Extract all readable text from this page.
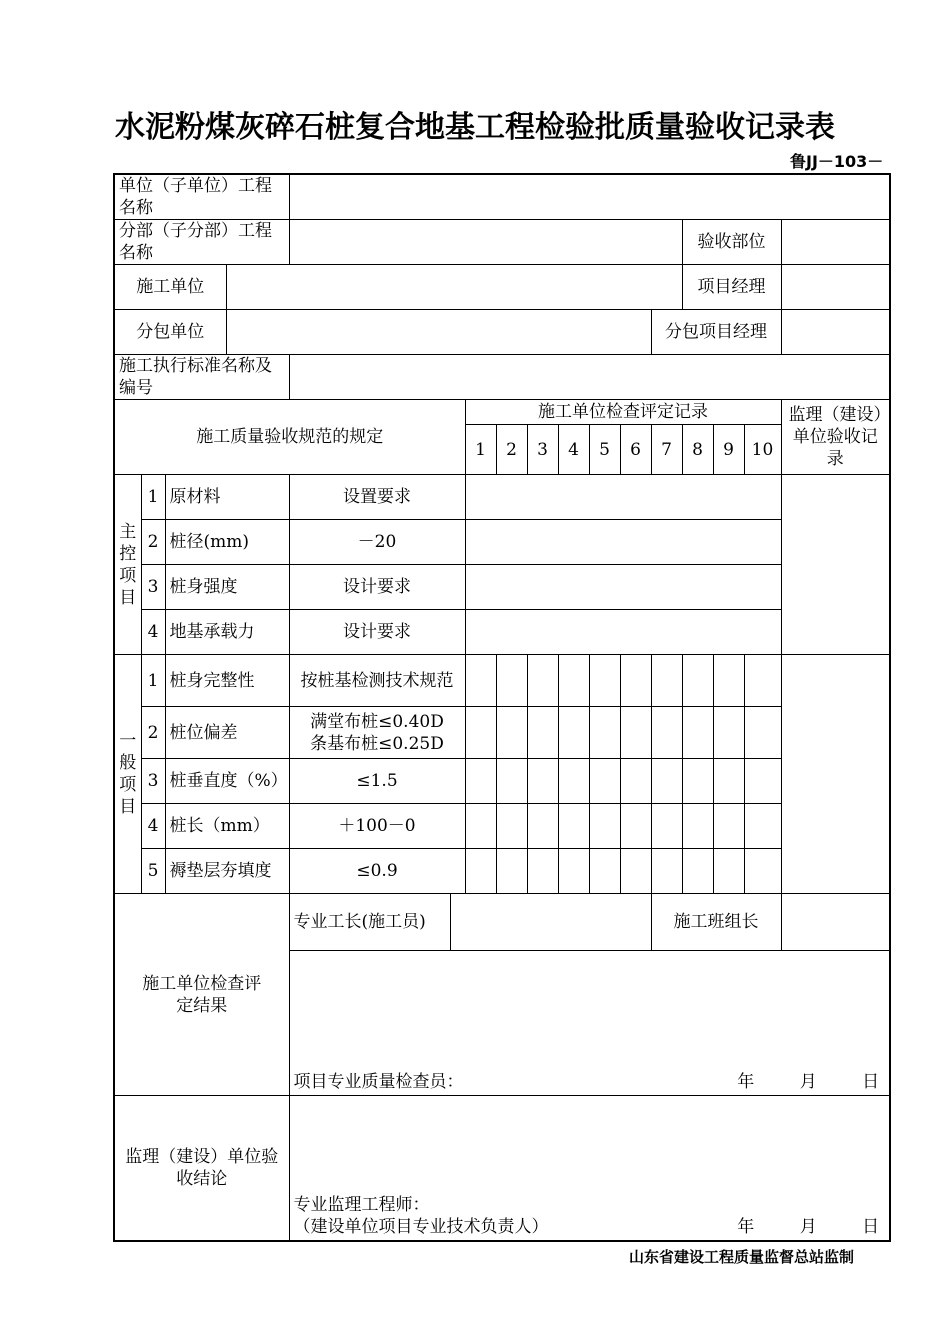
水泥粉煤灰碎石桩复合地基工程检验批质量验收记录表
鲁JJ－103－
单位（子单位）工程名称																
分部（子分部）工程名称													验收部位			
施工单位													项目经理			
分包单位												分包项目经理				
施工执行标准名称及编号																
施工质量验收规范的规定						施工单位检查评定记录										监理（建设）单位验收记录
						1	2	3	4	5	6	7	8	9	10	
主控项目	1	原材料		设置要求												
	2	桩径(mm)		－20												
	3	桩身强度		设计要求												
	4	地基承载力		设计要求												
一般项目	1	桩身完整性		按桩基检测技术规范												
	2	桩位偏差		满堂布桩≤0.40D
条基布桩≤0.25D												
	3	桩垂直度（%）		≤1.5												
	4	桩长（mm）		＋100－0												
	5	褥垫层夯填度		≤0.9												
施工单位检查评定结果				专业工长(施工员)								施工班组长				

				项目专业质量检查员： 年 月 日												

监理（建设）单位验收结论				专业监理工程师：
（建设单位项目专业技术负责人） 年 月 日												
山东省建设工程质量监督总站监制
